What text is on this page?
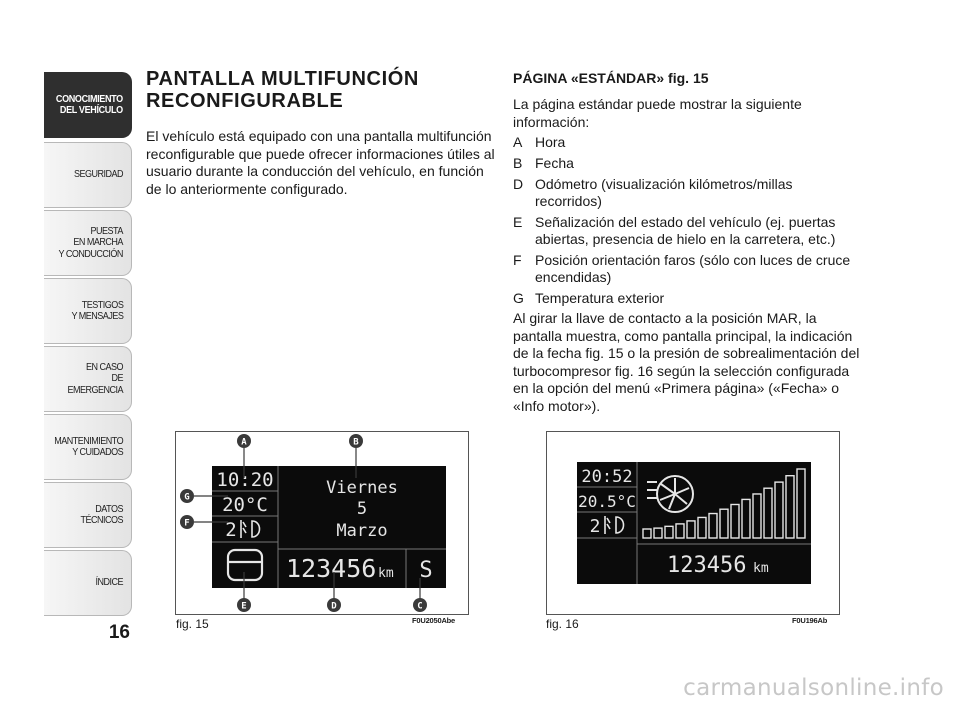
CONOCIMIENTO
DEL VEHÍCULO
SEGURIDAD
PUESTA
EN MARCHA
Y CONDUCCIÓN
TESTIGOS
Y MENSAJES
EN CASO
DE EMERGENCIA
MANTENIMIENTO
Y CUIDADOS
DATOS TÉCNICOS
ÍNDICE
16
PANTALLA MULTIFUNCIÓN
RECONFIGURABLE

El vehículo está equipado con una pantalla multifunción reconfigurable que puede ofrecer informaciones útiles al usuario durante la conducción del vehículo, en función de lo anteriormente configurado.

PÁGINA «ESTÁNDAR» fig. 15

La página estándar puede mostrar la siguiente información:

A Hora
B Fecha
D Odómetro (visualización kilómetros/millas recorridos)
E Señalización del estado del vehículo (ej. puertas abiertas, presencia de hielo en la carretera, etc.)
F Posición orientación faros (sólo con luces de cruce encendidas)
G Temperatura exterior

Al girar la llave de contacto a la posición MAR, la pantalla muestra, como pantalla principal, la indicación de la fecha fig. 15 o la presión de sobrealimentación del turbocompresor fig. 16 según la selección configurada en la opción del menú «Primera página» («Fecha» o «Info motor»).

10:20
20°C
2
Viernes
5
Marzo
123456 km S
A	B
G
F
E	D	C
fig. 15	F0U2050Abe
20:52
20.5°C
2
123456 km
fig. 16	F0U196Ab
carmanualsonline.info
